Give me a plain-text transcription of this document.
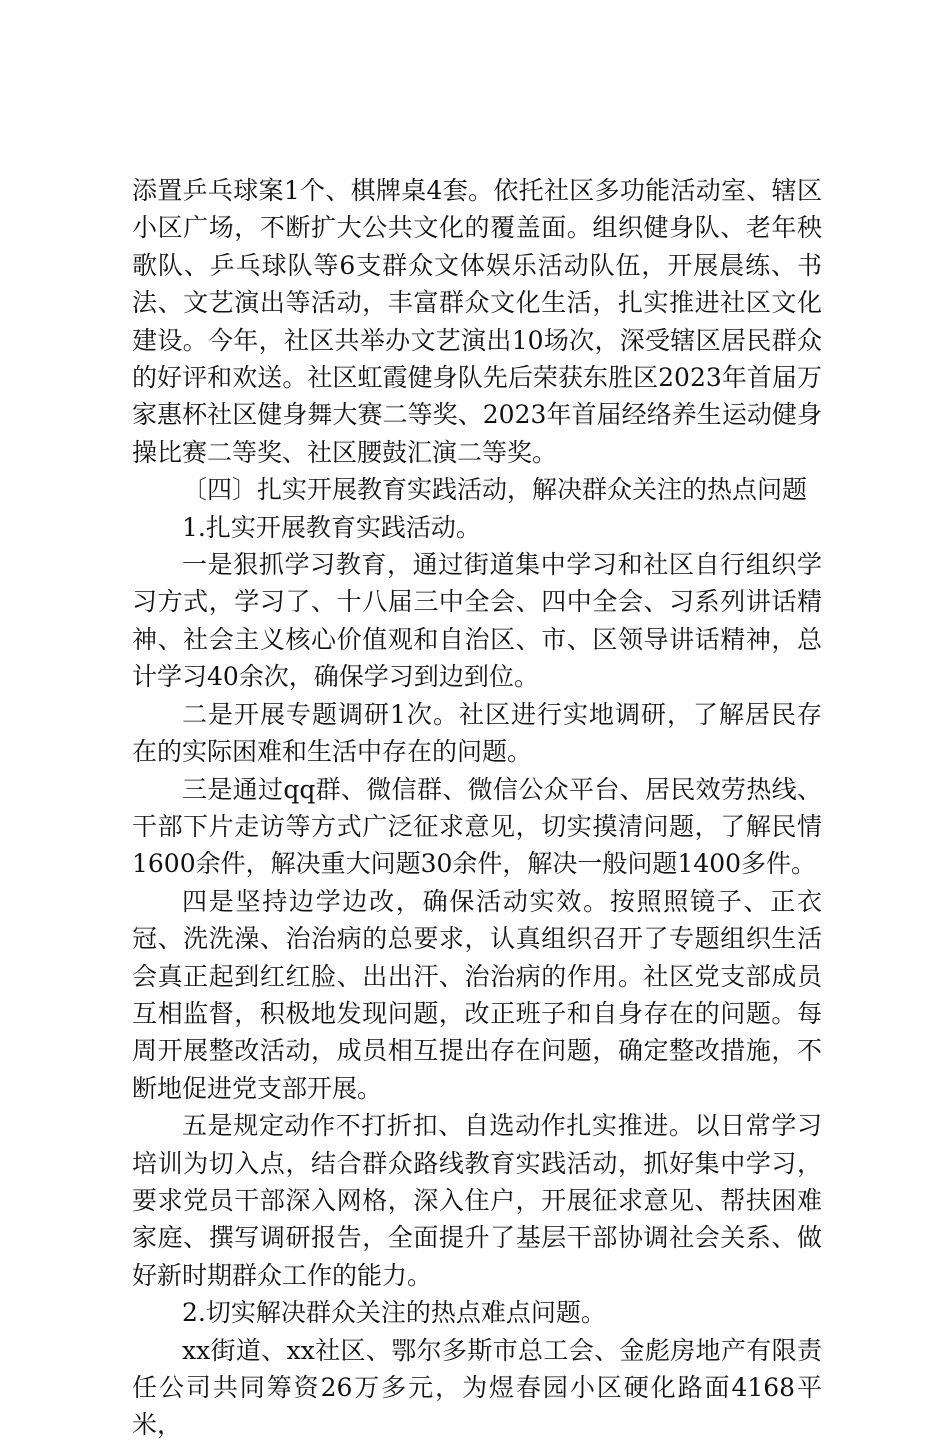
添置乒乓球案1个、棋牌桌4套。依托社区多功能活动室、辖区小区广场，不断扩大公共文化的覆盖面。组织健身队、老年秧歌队、乒乓球队等6支群众文体娱乐活动队伍，开展晨练、书法、文艺演出等活动，丰富群众文化生活，扎实推进社区文化建设。今年，社区共举办文艺演出10场次，深受辖区居民群众的好评和欢送。社区虹霞健身队先后荣获东胜区2023年首届万家惠杯社区健身舞大赛二等奖、2023年首届经络养生运动健身操比赛二等奖、社区腰鼓汇演二等奖。

〔四〕扎实开展教育实践活动，解决群众关注的热点问题

1.扎实开展教育实践活动。

一是狠抓学习教育，通过街道集中学习和社区自行组织学习方式，学习了、十八届三中全会、四中全会、习系列讲话精神、社会主义核心价值观和自治区、市、区领导讲话精神，总计学习40余次，确保学习到边到位。

二是开展专题调研1次。社区进行实地调研，了解居民存在的实际困难和生活中存在的问题。

三是通过qq群、微信群、微信公众平台、居民效劳热线、干部下片走访等方式广泛征求意见，切实摸清问题，了解民情1600余件，解决重大问题30余件，解决一般问题1400多件。

四是坚持边学边改，确保活动实效。按照照镜子、正衣冠、洗洗澡、治治病的总要求，认真组织召开了专题组织生活会真正起到红红脸、出出汗、治治病的作用。社区党支部成员互相监督，积极地发现问题，改正班子和自身存在的问题。每周开展整改活动，成员相互提出存在问题，确定整改措施，不断地促进党支部开展。

五是规定动作不打折扣、自选动作扎实推进。以日常学习培训为切入点，结合群众路线教育实践活动，抓好集中学习，要求党员干部深入网格，深入住户，开展征求意见、帮扶困难家庭、撰写调研报告，全面提升了基层干部协调社会关系、做好新时期群众工作的能力。

2.切实解决群众关注的热点难点问题。

xx街道、xx社区、鄂尔多斯市总工会、金彪房地产有限责任公司共同筹资26万多元，为煜春园小区硬化路面4168平米，
